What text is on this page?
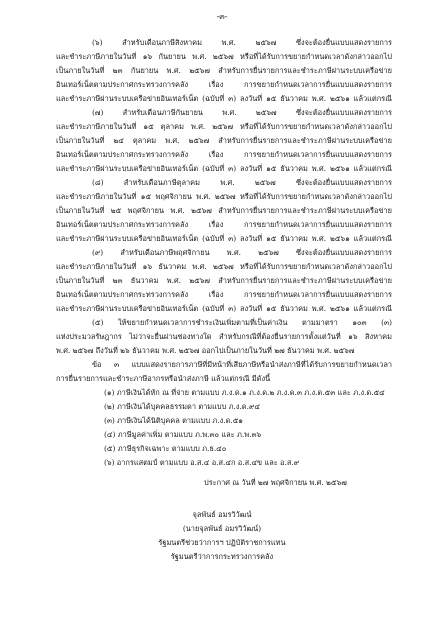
-๓-
(๖) สำหรับเดือนภาษีสิงหาคม พ.ศ. ๒๕๖๗ ซึ่งจะต้องยื่นแบบแสดงรายการ
และชำระภาษีภายในวันที่ ๑๖ กันยายน พ.ศ. ๒๕๖๗ หรือที่ได้รับการขยายกำหนดเวลาดังกล่าวออกไป
เป็นภายในวันที่ ๒๓ กันยายน พ.ศ. ๒๕๖๗ สำหรับการยื่นรายการและชำระภาษีผ่านระบบเครือข่าย
อินเทอร์เน็ตตามประกาศกระทรวงการคลัง เรื่อง การขยายกำหนดเวลาการยื่นแบบแสดงรายการ
และชำระภาษีผ่านระบบเครือข่ายอินเทอร์เน็ต (ฉบับที่ ๓) ลงวันที่ ๑๕ ธันวาคม พ.ศ. ๒๕๖๑ แล้วแต่กรณี
(๗) สำหรับเดือนภาษีกันยายน พ.ศ. ๒๕๖๗ ซึ่งจะต้องยื่นแบบแสดงรายการ
และชำระภาษีภายในวันที่ ๑๕ ตุลาคม พ.ศ. ๒๕๖๗ หรือที่ได้รับการขยายกำหนดเวลาดังกล่าวออกไป
เป็นภายในวันที่ ๒๔ ตุลาคม พ.ศ. ๒๕๖๗ สำหรับการยื่นรายการและชำระภาษีผ่านระบบเครือข่าย
อินเทอร์เน็ตตามประกาศกระทรวงการคลัง เรื่อง การขยายกำหนดเวลาการยื่นแบบแสดงรายการ
และชำระภาษีผ่านระบบเครือข่ายอินเทอร์เน็ต (ฉบับที่ ๓) ลงวันที่ ๑๕ ธันวาคม พ.ศ. ๒๕๖๑ แล้วแต่กรณี
(๘) สำหรับเดือนภาษีตุลาคม พ.ศ. ๒๕๖๗ ซึ่งจะต้องยื่นแบบแสดงรายการ
และชำระภาษีภายในวันที่ ๑๕ พฤศจิกายน พ.ศ. ๒๕๖๗ หรือที่ได้รับการขยายกำหนดเวลาดังกล่าวออกไป
เป็นภายในวันที่ ๒๕ พฤศจิกายน พ.ศ. ๒๕๖๗ สำหรับการยื่นรายการและชำระภาษีผ่านระบบเครือข่าย
อินเทอร์เน็ตตามประกาศกระทรวงการคลัง เรื่อง การขยายกำหนดเวลาการยื่นแบบแสดงรายการ
และชำระภาษีผ่านระบบเครือข่ายอินเทอร์เน็ต (ฉบับที่ ๓) ลงวันที่ ๑๕ ธันวาคม พ.ศ. ๒๕๖๑ แล้วแต่กรณี
(๙) สำหรับเดือนภาษีพฤศจิกายน พ.ศ. ๒๕๖๗ ซึ่งจะต้องยื่นแบบแสดงรายการ
และชำระภาษีภายในวันที่ ๑๖ ธันวาคม พ.ศ. ๒๕๖๗ หรือที่ได้รับการขยายกำหนดเวลาดังกล่าวออกไป
เป็นภายในวันที่ ๒๓ ธันวาคม พ.ศ. ๒๕๖๗ สำหรับการยื่นรายการและชำระภาษีผ่านระบบเครือข่าย
อินเทอร์เน็ตตามประกาศกระทรวงการคลัง เรื่อง การขยายกำหนดเวลาการยื่นแบบแสดงรายการ
และชำระภาษีผ่านระบบเครือข่ายอินเทอร์เน็ต (ฉบับที่ ๓) ลงวันที่ ๑๕ ธันวาคม พ.ศ. ๒๕๖๑ แล้วแต่กรณี
(๕) ให้ขยายกำหนดเวลาการชำระเงินเพิ่มตามที่เป็นค่าเงิน ตามมาตรา ๑๐๓ (๓)
แห่งประมวลรัษฎากร ไม่ว่าจะยื่นผ่านช่องทางใด สำหรับกรณีที่ต้องยื่นรายการตั้งแต่วันที่ ๑๖ สิงหาคม
พ.ศ. ๒๕๖๗ ถึงวันที่ ๒๖ ธันวาคม พ.ศ. ๒๕๖๗ ออกไปเป็นภายในวันที่ ๒๗ ธันวาคม พ.ศ. ๒๕๖๗
ข้อ ๓ แบบแสดงรายการภาษีที่มีหน้าที่เสียภาษีหรือนำส่งภาษีที่ได้รับการขยายกำหนดเวลา
การยื่นรายการและชำระภาษีอากรหรือนำส่งภาษี แล้วแต่กรณี มีดังนี้
(๑) ภาษีเงินได้หัก ณ ที่จ่าย ตามแบบ ภ.ง.ด.๑ ภ.ง.ด.๒ ภ.ง.ด.๓ ภ.ง.ด.๕๓ และ ภ.ง.ด.๕๔
(๒) ภาษีเงินได้บุคคลธรรมดา ตามแบบ ภ.ง.ด.๙๔
(๓) ภาษีเงินได้นิติบุคคล ตามแบบ ภ.ง.ด.๕๑
(๔) ภาษีมูลค่าเพิ่ม ตามแบบ ภ.พ.๓๐ และ ภ.พ.๓๖
(๕) ภาษีธุรกิจเฉพาะ ตามแบบ ภ.ธ.๔๐
(๖) อากรแสตมป์ ตามแบบ อ.ส.๔ อ.ส.๔ก อ.ส.๔ข และ อ.ส.๙
ประกาศ ณ วันที่ ๒๗ พฤศจิกายน พ.ศ. ๒๕๖๗
จุลพันธ์ อมรวิวัฒน์
(นายจุลพันธ์ อมรวิวัฒน์)
รัฐมนตรีช่วยว่าการฯ ปฏิบัติราชการแทน
รัฐมนตรีว่าการกระทรวงการคลัง
